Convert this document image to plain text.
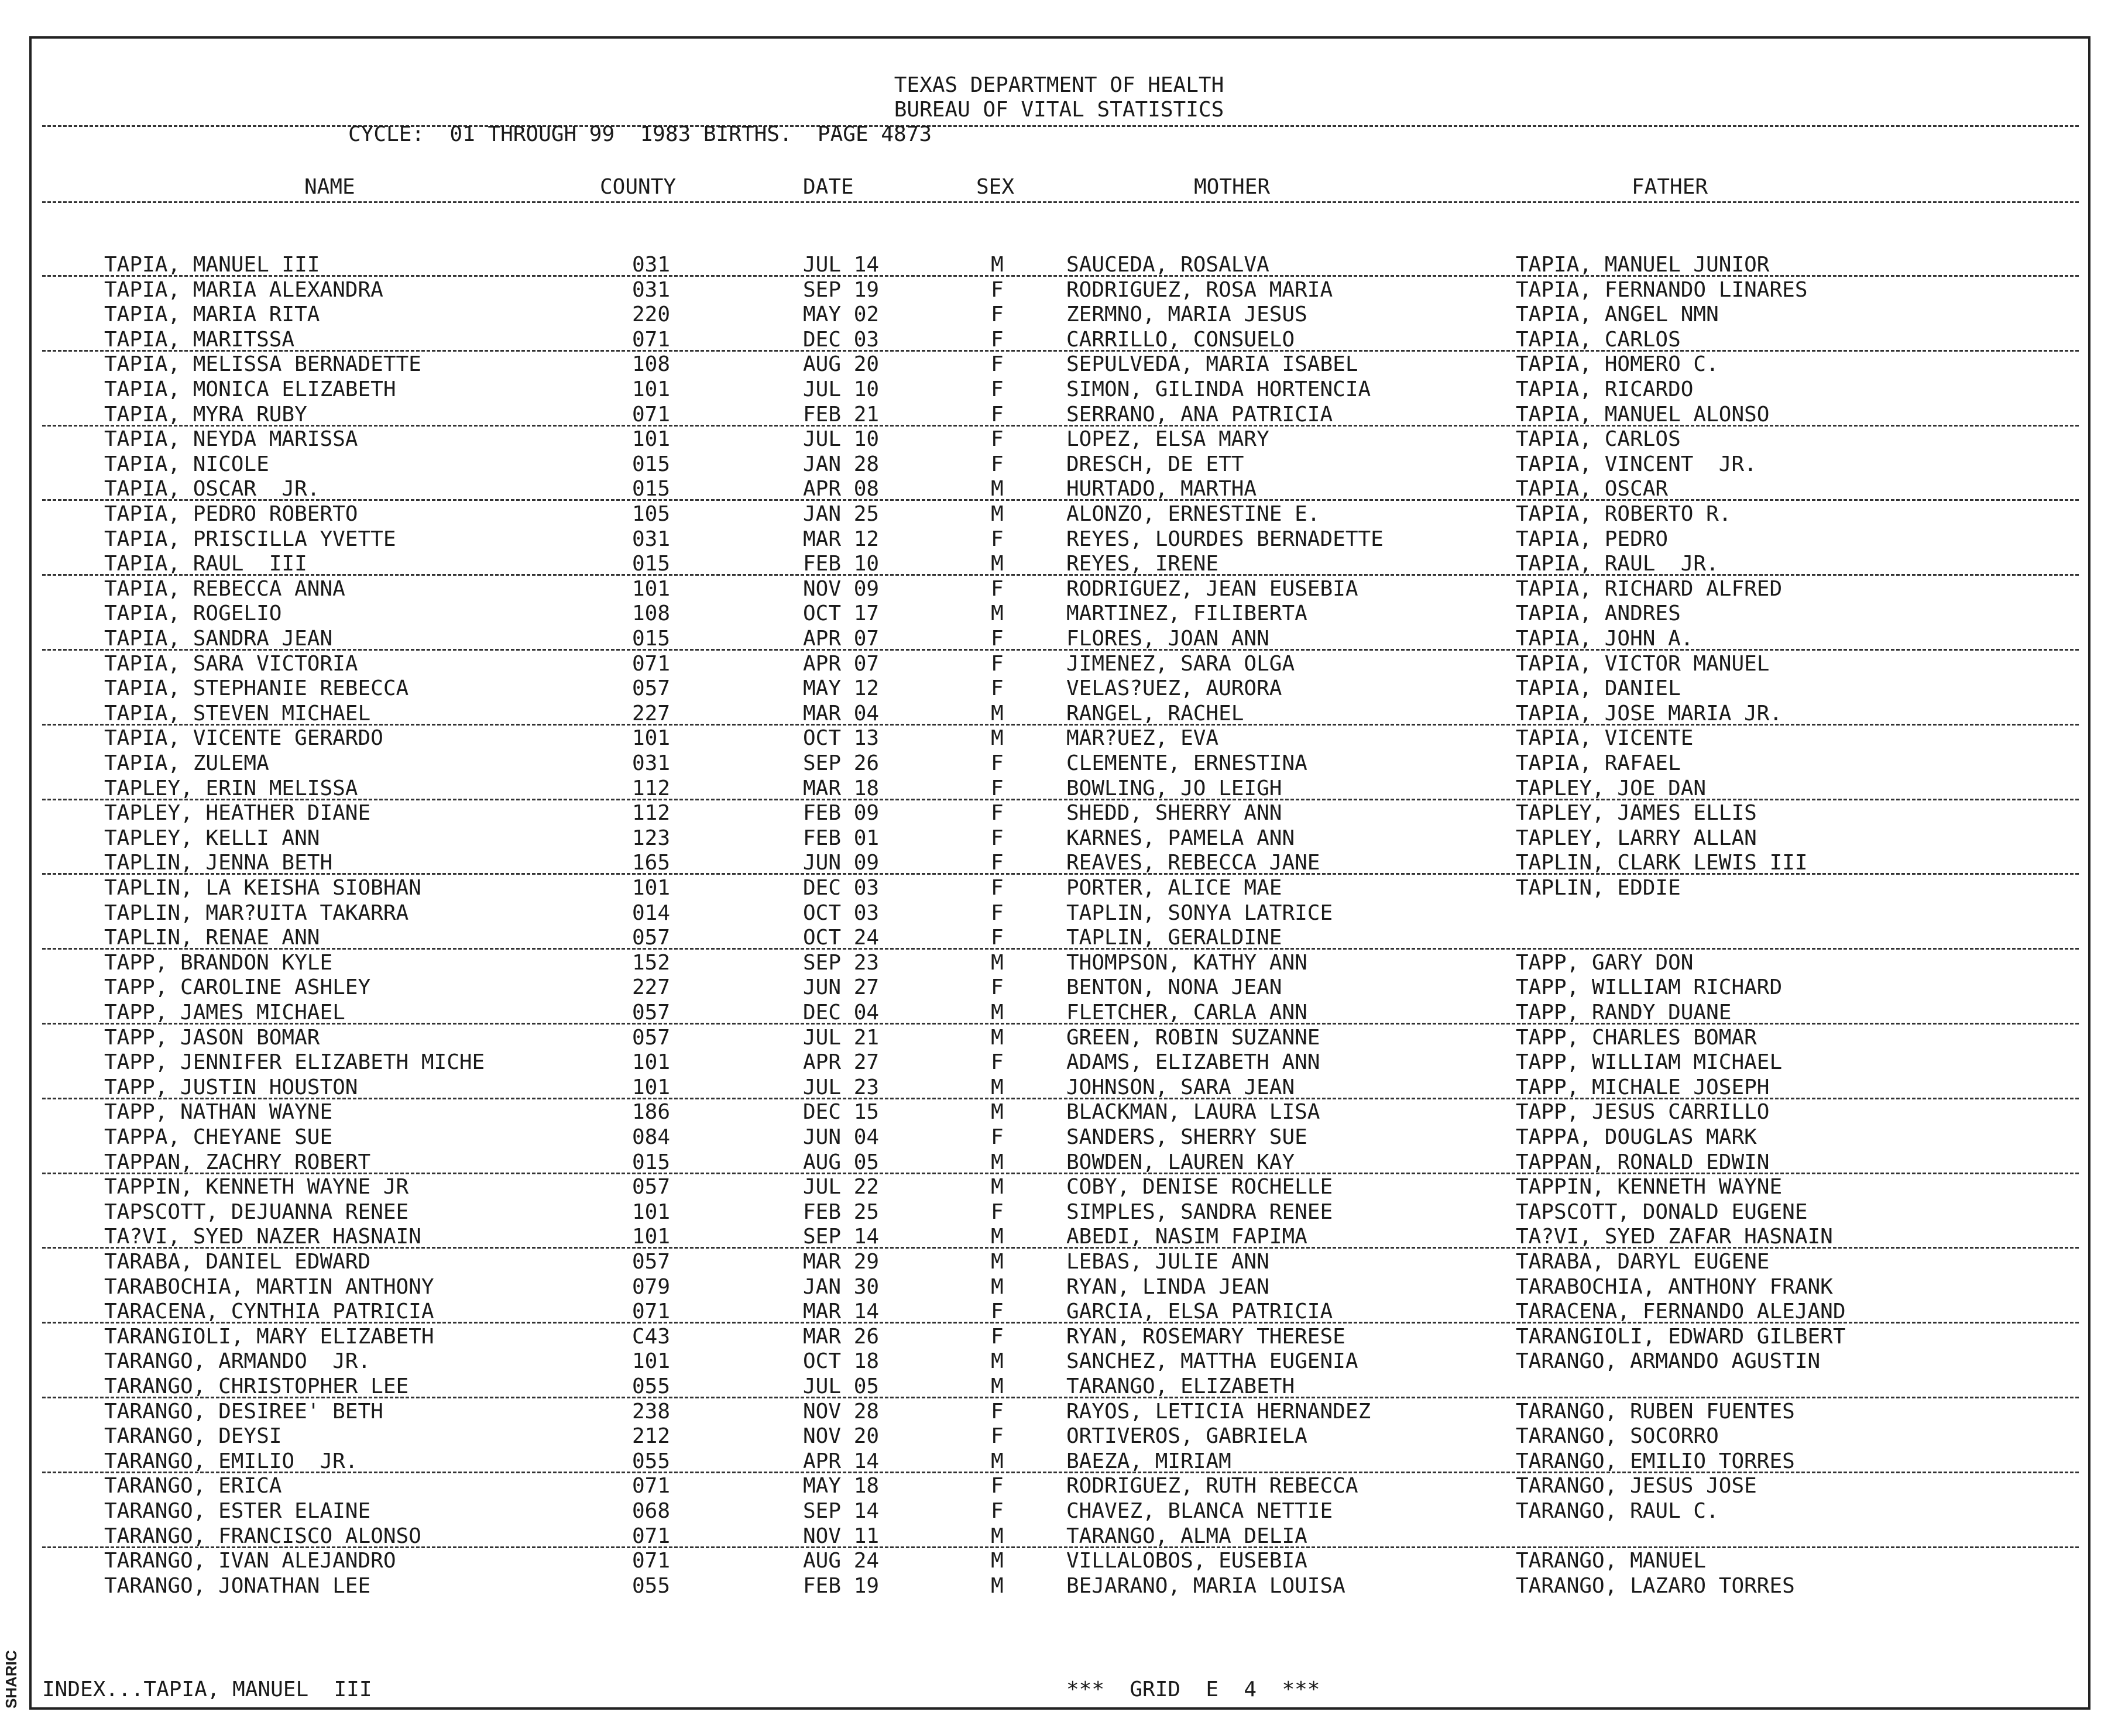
TEXAS DEPARTMENT OF HEALTH
BUREAU OF VITAL STATISTICS
CYCLE:  01 THROUGH 99  1983 BIRTHS.  PAGE 4873
NAME	COUNTY	DATE	SEX	MOTHER	FATHER
TAPIA, MANUEL III	031	JUL 14	M	SAUCEDA, ROSALVA	TAPIA, MANUEL JUNIOR
TAPIA, MARIA ALEXANDRA	031	SEP 19	F	RODRIGUEZ, ROSA MARIA	TAPIA, FERNANDO LINARES
TAPIA, MARIA RITA	220	MAY 02	F	ZERMNO, MARIA JESUS	TAPIA, ANGEL NMN
TAPIA, MARITSSA	071	DEC 03	F	CARRILLO, CONSUELO	TAPIA, CARLOS
TAPIA, MELISSA BERNADETTE	108	AUG 20	F	SEPULVEDA, MARIA ISABEL	TAPIA, HOMERO C.
TAPIA, MONICA ELIZABETH	101	JUL 10	F	SIMON, GILINDA HORTENCIA	TAPIA, RICARDO
TAPIA, MYRA RUBY	071	FEB 21	F	SERRANO, ANA PATRICIA	TAPIA, MANUEL ALONSO
TAPIA, NEYDA MARISSA	101	JUL 10	F	LOPEZ, ELSA MARY	TAPIA, CARLOS
TAPIA, NICOLE	015	JAN 28	F	DRESCH, DE ETT	TAPIA, VINCENT  JR.
TAPIA, OSCAR  JR.	015	APR 08	M	HURTADO, MARTHA	TAPIA, OSCAR
TAPIA, PEDRO ROBERTO	105	JAN 25	M	ALONZO, ERNESTINE E.	TAPIA, ROBERTO R.
TAPIA, PRISCILLA YVETTE	031	MAR 12	F	REYES, LOURDES BERNADETTE	TAPIA, PEDRO
TAPIA, RAUL  III	015	FEB 10	M	REYES, IRENE	TAPIA, RAUL  JR.
TAPIA, REBECCA ANNA	101	NOV 09	F	RODRIGUEZ, JEAN EUSEBIA	TAPIA, RICHARD ALFRED
TAPIA, ROGELIO	108	OCT 17	M	MARTINEZ, FILIBERTA	TAPIA, ANDRES
TAPIA, SANDRA JEAN	015	APR 07	F	FLORES, JOAN ANN	TAPIA, JOHN A.
TAPIA, SARA VICTORIA	071	APR 07	F	JIMENEZ, SARA OLGA	TAPIA, VICTOR MANUEL
TAPIA, STEPHANIE REBECCA	057	MAY 12	F	VELAS?UEZ, AURORA	TAPIA, DANIEL
TAPIA, STEVEN MICHAEL	227	MAR 04	M	RANGEL, RACHEL	TAPIA, JOSE MARIA JR.
TAPIA, VICENTE GERARDO	101	OCT 13	M	MAR?UEZ, EVA	TAPIA, VICENTE
TAPIA, ZULEMA	031	SEP 26	F	CLEMENTE, ERNESTINA	TAPIA, RAFAEL
TAPLEY, ERIN MELISSA	112	MAR 18	F	BOWLING, JO LEIGH	TAPLEY, JOE DAN
TAPLEY, HEATHER DIANE	112	FEB 09	F	SHEDD, SHERRY ANN	TAPLEY, JAMES ELLIS
TAPLEY, KELLI ANN	123	FEB 01	F	KARNES, PAMELA ANN	TAPLEY, LARRY ALLAN
TAPLIN, JENNA BETH	165	JUN 09	F	REAVES, REBECCA JANE	TAPLIN, CLARK LEWIS III
TAPLIN, LA KEISHA SIOBHAN	101	DEC 03	F	PORTER, ALICE MAE	TAPLIN, EDDIE
TAPLIN, MAR?UITA TAKARRA	014	OCT 03	F	TAPLIN, SONYA LATRICE
TAPLIN, RENAE ANN	057	OCT 24	F	TAPLIN, GERALDINE
TAPP, BRANDON KYLE	152	SEP 23	M	THOMPSON, KATHY ANN	TAPP, GARY DON
TAPP, CAROLINE ASHLEY	227	JUN 27	F	BENTON, NONA JEAN	TAPP, WILLIAM RICHARD
TAPP, JAMES MICHAEL	057	DEC 04	M	FLETCHER, CARLA ANN	TAPP, RANDY DUANE
TAPP, JASON BOMAR	057	JUL 21	M	GREEN, ROBIN SUZANNE	TAPP, CHARLES BOMAR
TAPP, JENNIFER ELIZABETH MICHE	101	APR 27	F	ADAMS, ELIZABETH ANN	TAPP, WILLIAM MICHAEL
TAPP, JUSTIN HOUSTON	101	JUL 23	M	JOHNSON, SARA JEAN	TAPP, MICHALE JOSEPH
TAPP, NATHAN WAYNE	186	DEC 15	M	BLACKMAN, LAURA LISA	TAPP, JESUS CARRILLO
TAPPA, CHEYANE SUE	084	JUN 04	F	SANDERS, SHERRY SUE	TAPPA, DOUGLAS MARK
TAPPAN, ZACHRY ROBERT	015	AUG 05	M	BOWDEN, LAUREN KAY	TAPPAN, RONALD EDWIN
TAPPIN, KENNETH WAYNE JR	057	JUL 22	M	COBY, DENISE ROCHELLE	TAPPIN, KENNETH WAYNE
TAPSCOTT, DEJUANNA RENEE	101	FEB 25	F	SIMPLES, SANDRA RENEE	TAPSCOTT, DONALD EUGENE
TA?VI, SYED NAZER HASNAIN	101	SEP 14	M	ABEDI, NASIM FAPIMA	TA?VI, SYED ZAFAR HASNAIN
TARABA, DANIEL EDWARD	057	MAR 29	M	LEBAS, JULIE ANN	TARABA, DARYL EUGENE
TARABOCHIA, MARTIN ANTHONY	079	JAN 30	M	RYAN, LINDA JEAN	TARABOCHIA, ANTHONY FRANK
TARACENA, CYNTHIA PATRICIA	071	MAR 14	F	GARCIA, ELSA PATRICIA	TARACENA, FERNANDO ALEJAND
TARANGIOLI, MARY ELIZABETH	C43	MAR 26	F	RYAN, ROSEMARY THERESE	TARANGIOLI, EDWARD GILBERT
TARANGO, ARMANDO  JR.	101	OCT 18	M	SANCHEZ, MATTHA EUGENIA	TARANGO, ARMANDO AGUSTIN
TARANGO, CHRISTOPHER LEE	055	JUL 05	M	TARANGO, ELIZABETH
TARANGO, DESIREE' BETH	238	NOV 28	F	RAYOS, LETICIA HERNANDEZ	TARANGO, RUBEN FUENTES
TARANGO, DEYSI	212	NOV 20	F	ORTIVEROS, GABRIELA	TARANGO, SOCORRO
TARANGO, EMILIO  JR.	055	APR 14	M	BAEZA, MIRIAM	TARANGO, EMILIO TORRES
TARANGO, ERICA	071	MAY 18	F	RODRIGUEZ, RUTH REBECCA	TARANGO, JESUS JOSE
TARANGO, ESTER ELAINE	068	SEP 14	F	CHAVEZ, BLANCA NETTIE	TARANGO, RAUL C.
TARANGO, FRANCISCO ALONSO	071	NOV 11	M	TARANGO, ALMA DELIA
TARANGO, IVAN ALEJANDRO	071	AUG 24	M	VILLALOBOS, EUSEBIA	TARANGO, MANUEL
TARANGO, JONATHAN LEE	055	FEB 19	M	BEJARANO, MARIA LOUISA	TARANGO, LAZARO TORRES
INDEX...TAPIA, MANUEL  III	***  GRID  E  4  ***
SHARIC
